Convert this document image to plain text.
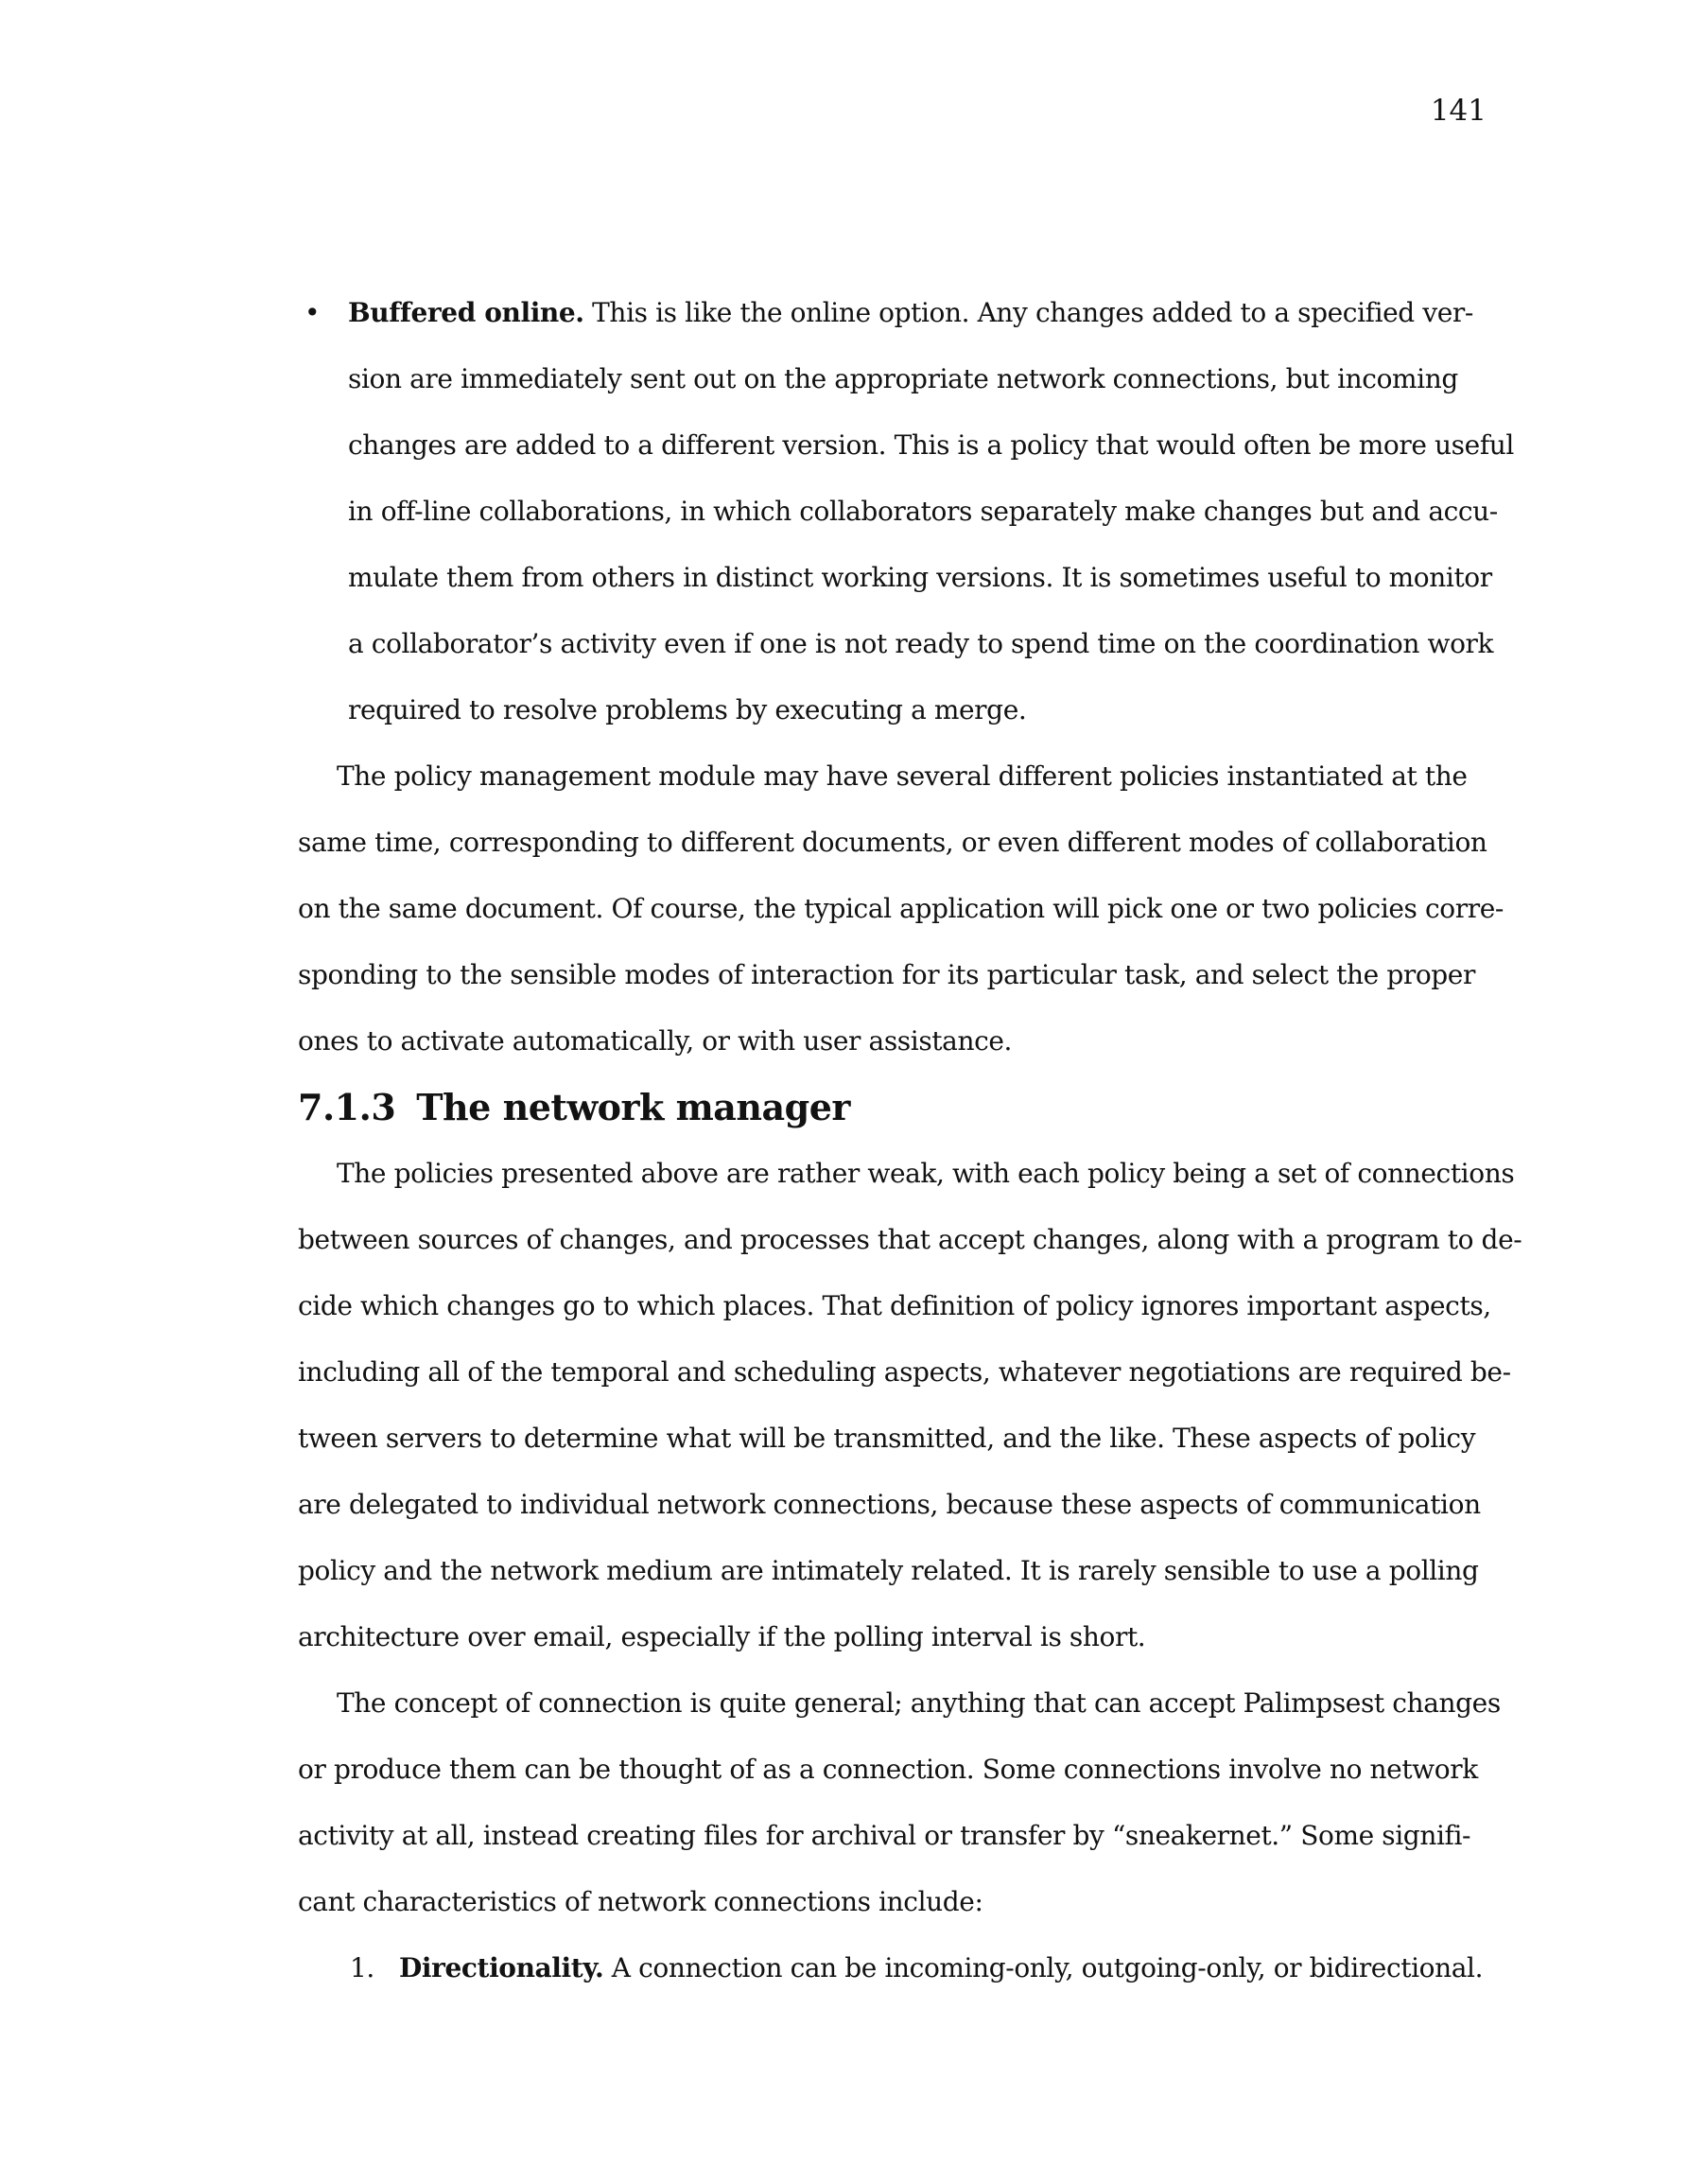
141
• Buffered online. This is like the online option. Any changes added to a specified ver-
sion are immediately sent out on the appropriate network connections, but incoming
changes are added to a different version. This is a policy that would often be more useful
in off-line collaborations, in which collaborators separately make changes but and accu-
mulate them from others in distinct working versions. It is sometimes useful to monitor
a collaborator’s activity even if one is not ready to spend time on the coordination work
required to resolve problems by executing a merge.
The policy management module may have several different policies instantiated at the
same time, corresponding to different documents, or even different modes of collaboration
on the same document. Of course, the typical application will pick one or two policies corre-
sponding to the sensible modes of interaction for its particular task, and select the proper
ones to activate automatically, or with user assistance.
7.1.3 The network manager
The policies presented above are rather weak, with each policy being a set of connections
between sources of changes, and processes that accept changes, along with a program to de-
cide which changes go to which places. That definition of policy ignores important aspects,
including all of the temporal and scheduling aspects, whatever negotiations are required be-
tween servers to determine what will be transmitted, and the like. These aspects of policy
are delegated to individual network connections, because these aspects of communication
policy and the network medium are intimately related. It is rarely sensible to use a polling
architecture over email, especially if the polling interval is short.
The concept of connection is quite general; anything that can accept Palimpsest changes
or produce them can be thought of as a connection. Some connections involve no network
activity at all, instead creating files for archival or transfer by “sneakernet.” Some signifi-
cant characteristics of network connections include:
1. Directionality. A connection can be incoming-only, outgoing-only, or bidirectional.
